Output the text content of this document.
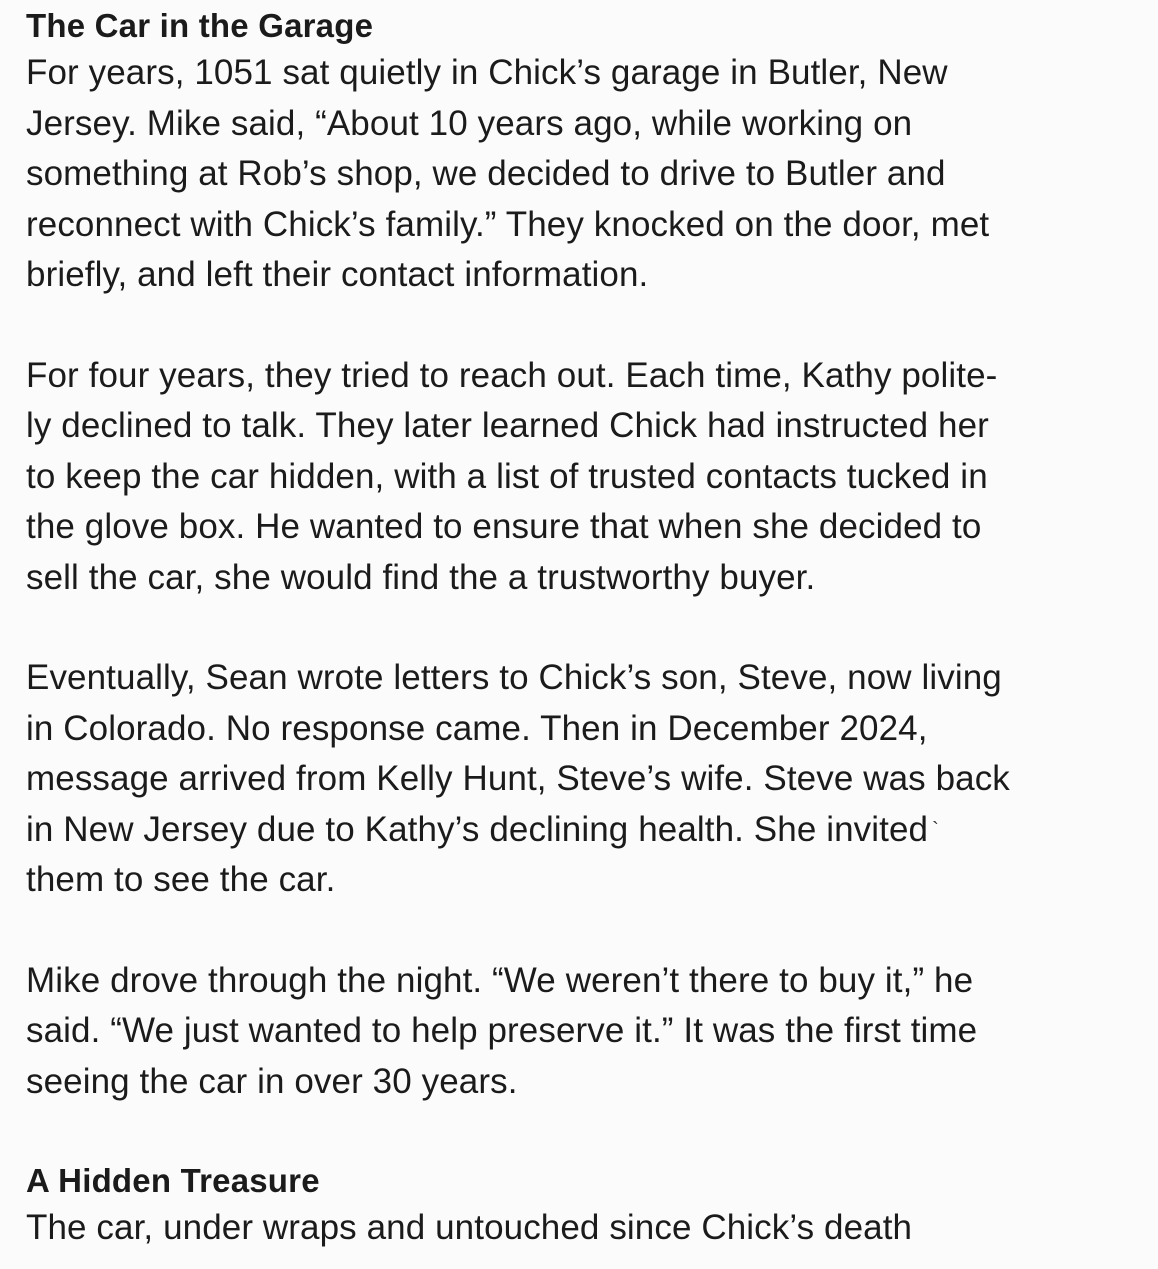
The Car in the Garage

For years, 1051 sat quietly in Chick’s garage in Butler, New
Jersey. Mike said, “About 10 years ago, while working on
something at Rob’s shop, we decided to drive to Butler and
reconnect with Chick’s family.” They knocked on the door, met
briefly, and left their contact information.

For four years, they tried to reach out. Each time, Kathy polite-
ly declined to talk. They later learned Chick had instructed her
to keep the car hidden, with a list of trusted contacts tucked in
the glove box. He wanted to ensure that when she decided to
sell the car, she would find the a trustworthy buyer.

Eventually, Sean wrote letters to Chick’s son, Steve, now living
in Colorado. No response came. Then in December 2024,
message arrived from Kelly Hunt, Steve’s wife. Steve was back
in New Jersey due to Kathy’s declining health. She invited `
them to see the car.

Mike drove through the night. “We weren’t there to buy it,” he
said. “We just wanted to help preserve it.” It was the first time
seeing the car in over 30 years.

A Hidden Treasure

The car, under wraps and untouched since Chick’s death
